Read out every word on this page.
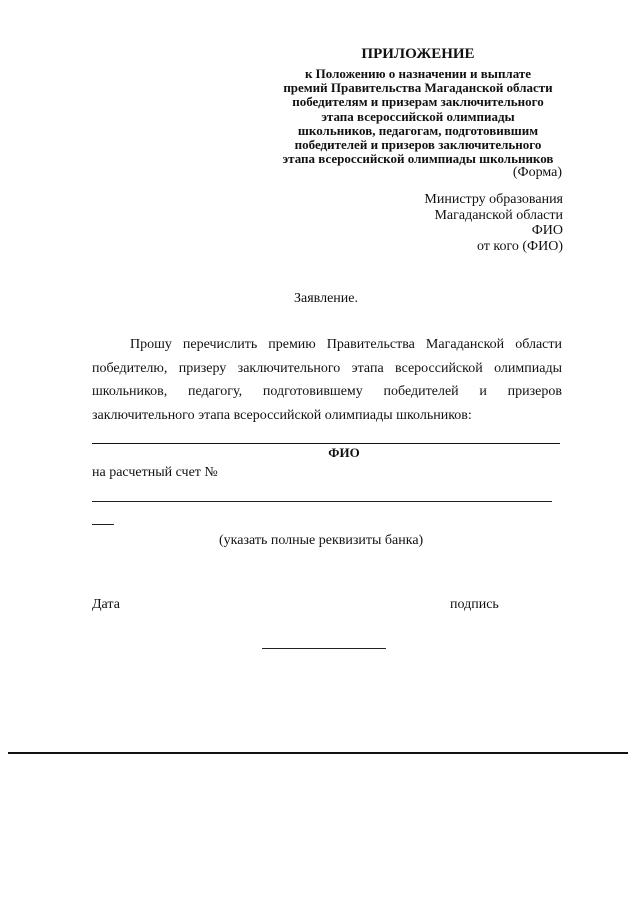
ПРИЛОЖЕНИЕ
к Положению о назначении и выплате
премий Правительства Магаданской области
победителям и призерам заключительного
этапа всероссийской олимпиады
школьников, педагогам, подготовившим
победителей и призеров заключительного
этапа всероссийской олимпиады школьников
(Форма)
Министру образования
Магаданской области
ФИО
от кого (ФИО)
Заявление.
Прошу перечислить премию Правительства Магаданской области
победителю, призеру заключительного этапа всероссийской олимпиады
школьников, педагогу, подготовившему победителей и призеров
заключительного этапа всероссийской олимпиады школьников:
ФИО
на расчетный счет №
(указать полные реквизиты банка)
Дата	подпись
